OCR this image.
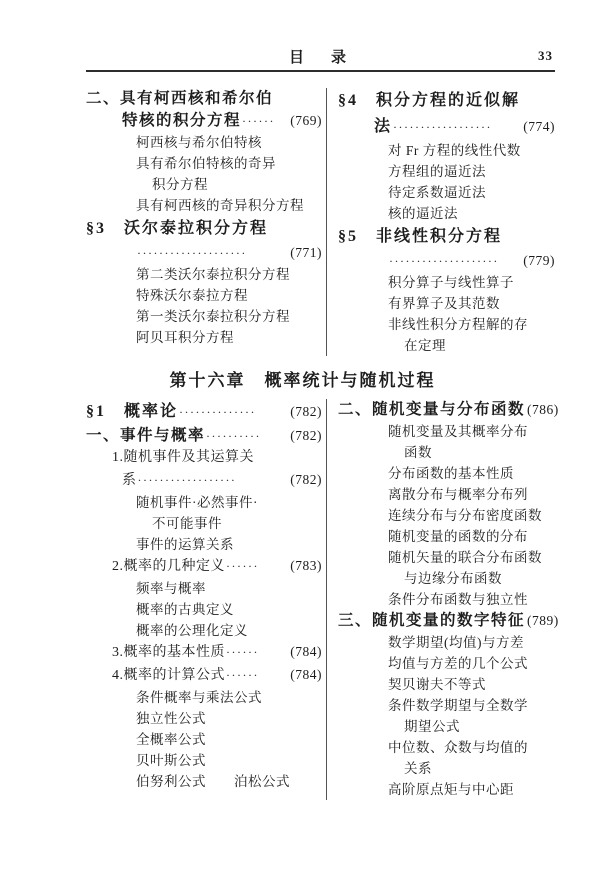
目　录	33
二、具有柯西核和希尔伯
特核的积分方程 ······	(769)
柯西核与希尔伯特核
具有希尔伯特核的奇异
积分方程
具有柯西核的奇异积分方程
§3　沃尔泰拉积分方程
····················	(771)
第二类沃尔泰拉积分方程
特殊沃尔泰拉方程
第一类沃尔泰拉积分方程
阿贝耳积分方程
§4　积分方程的近似解
法 ··················	(774)
对 Fr 方程的线性代数
方程组的逼近法
待定系数逼近法
核的逼近法
§5　非线性积分方程
····················	(779)
积分算子与线性算子
有界算子及其范数
非线性积分方程解的存
在定理
第十六章　概率统计与随机过程
§1　概率论 ··············	(782)
一、事件与概率 ··········	(782)
1.随机事件及其运算关
系 ··················	(782)
随机事件·必然事件·
不可能事件
事件的运算关系
2.概率的几种定义 ······	(783)
频率与概率
概率的古典定义
概率的公理化定义
3.概率的基本性质 ······	(784)
4.概率的计算公式 ······	(784)
条件概率与乘法公式
独立性公式
全概率公式
贝叶斯公式
伯努利公式　　泊松公式
二、随机变量与分布函数 (786)
随机变量及其概率分布
函数
分布函数的基本性质
离散分布与概率分布列
连续分布与分布密度函数
随机变量的函数的分布
随机矢量的联合分布函数
与边缘分布函数
条件分布函数与独立性
三、随机变量的数字特征 (789)
数学期望(均值)与方差
均值与方差的几个公式
契贝谢夫不等式
条件数学期望与全数学
期望公式
中位数、众数与均值的
关系
高阶原点矩与中心距
